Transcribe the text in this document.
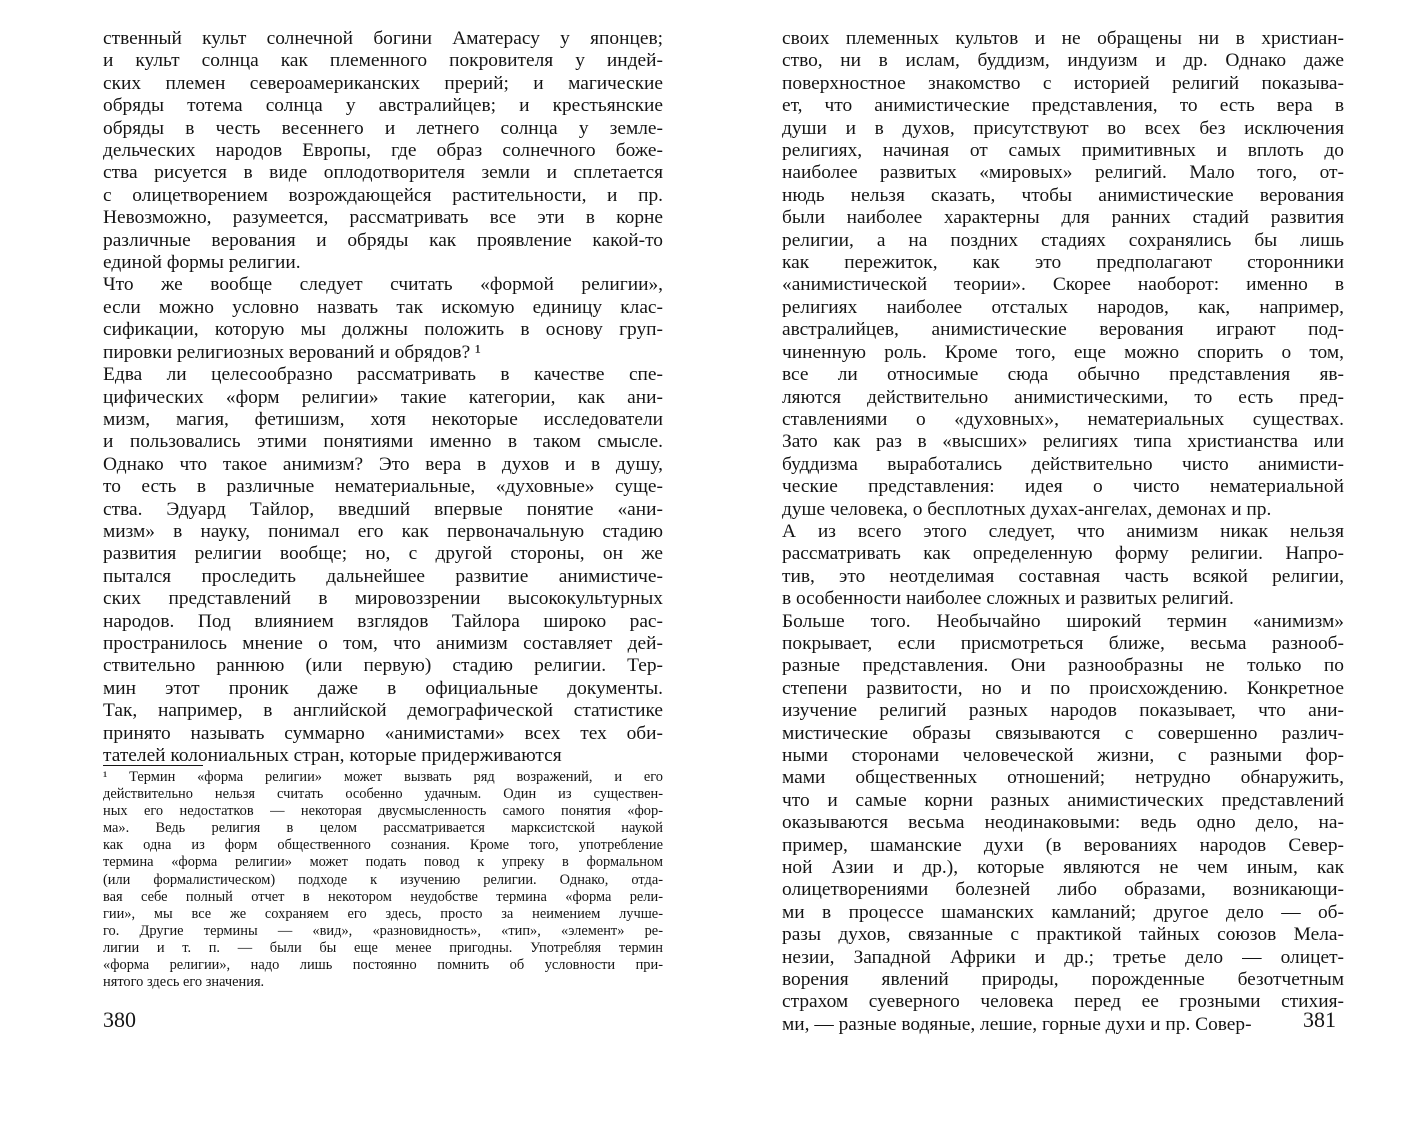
ственный культ солнечной богини Аматерасу у японцев;
и культ солнца как племенного покровителя у индей-
ских племен североамериканских прерий; и магические
обряды тотема солнца у австралийцев; и крестьянские
обряды в честь весеннего и летнего солнца у земле-
дельческих народов Европы, где образ солнечного боже-
ства рисуется в виде оплодотворителя земли и сплетается
с олицетворением возрождающейся растительности, и пр.
Невозможно, разумеется, рассматривать все эти в корне
различные верования и обряды как проявление какой-то
единой формы религии.
Что же вообще следует считать «формой религии»,
если можно условно назвать так искомую единицу клас-
сификации, которую мы должны положить в основу груп-
пировки религиозных верований и обрядов? ¹
Едва ли целесообразно рассматривать в качестве спе-
цифических «форм религии» такие категории, как ани-
мизм, магия, фетишизм, хотя некоторые исследователи
и пользовались этими понятиями именно в таком смысле.
Однако что такое анимизм? Это вера в духов и в душу,
то есть в различные нематериальные, «духовные» суще-
ства. Эдуард Тайлор, введший впервые понятие «ани-
мизм» в науку, понимал его как первоначальную стадию
развития религии вообще; но, с другой стороны, он же
пытался проследить дальнейшее развитие анимистиче-
ских представлений в мировоззрении высококультурных
народов. Под влиянием взглядов Тайлора широко рас-
пространилось мнение о том, что анимизм составляет дей-
ствительно раннюю (или первую) стадию религии. Тер-
мин этот проник даже в официальные документы.
Так, например, в английской демографической статистике
принято называть суммарно «анимистами» всех тех оби-
тателей колониальных стран, которые придерживаются
¹ Термин «форма религии» может вызвать ряд возражений, и его
действительно нельзя считать особенно удачным. Один из существен-
ных его недостатков — некоторая двусмысленность самого понятия «фор-
ма». Ведь религия в целом рассматривается марксистской наукой
как одна из форм общественного сознания. Кроме того, употребление
термина «форма религии» может подать повод к упреку в формальном
(или формалистическом) подходе к изучению религии. Однако, отда-
вая себе полный отчет в некотором неудобстве термина «форма рели-
гии», мы все же сохраняем его здесь, просто за неимением лучше-
го. Другие термины — «вид», «разновидность», «тип», «элемент» ре-
лигии и т. п. — были бы еще менее пригодны. Употребляя термин
«форма религии», надо лишь постоянно помнить об условности при-
нятого здесь его значения.
380
своих племенных культов и не обращены ни в христиан-
ство, ни в ислам, буддизм, индуизм и др. Однако даже
поверхностное знакомство с историей религий показыва-
ет, что анимистические представления, то есть вера в
души и в духов, присутствуют во всех без исключения
религиях, начиная от самых примитивных и вплоть до
наиболее развитых «мировых» религий. Мало того, от-
нюдь нельзя сказать, чтобы анимистические верования
были наиболее характерны для ранних стадий развития
религии, а на поздних стадиях сохранялись бы лишь
как пережиток, как это предполагают сторонники
«анимистической теории». Скорее наоборот: именно в
религиях наиболее отсталых народов, как, например,
австралийцев, анимистические верования играют под-
чиненную роль. Кроме того, еще можно спорить о том,
все ли относимые сюда обычно представления яв-
ляются действительно анимистическими, то есть пред-
ставлениями о «духовных», нематериальных существах.
Зато как раз в «высших» религиях типа христианства или
буддизма выработались действительно чисто анимисти-
ческие представления: идея о чисто нематериальной
душе человека, о бесплотных духах-ангелах, демонах и пр.
А из всего этого следует, что анимизм никак нельзя
рассматривать как определенную форму религии. Напро-
тив, это неотделимая составная часть всякой религии,
в особенности наиболее сложных и развитых религий.
Больше того. Необычайно широкий термин «анимизм»
покрывает, если присмотреться ближе, весьма разнооб-
разные представления. Они разнообразны не только по
степени развитости, но и по происхождению. Конкретное
изучение религий разных народов показывает, что ани-
мистические образы связываются с совершенно различ-
ными сторонами человеческой жизни, с разными фор-
мами общественных отношений; нетрудно обнаружить,
что и самые корни разных анимистических представлений
оказываются весьма неодинаковыми: ведь одно дело, на-
пример, шаманские духи (в верованиях народов Север-
ной Азии и др.), которые являются не чем иным, как
олицетворениями болезней либо образами, возникающи-
ми в процессе шаманских камланий; другое дело — об-
разы духов, связанные с практикой тайных союзов Мела-
незии, Западной Африки и др.; третье дело — олицет-
ворения явлений природы, порожденные безотчетным
страхом суеверного человека перед ее грозными стихия-
ми, — разные водяные, лешие, горные духи и пр. Совер-	381
